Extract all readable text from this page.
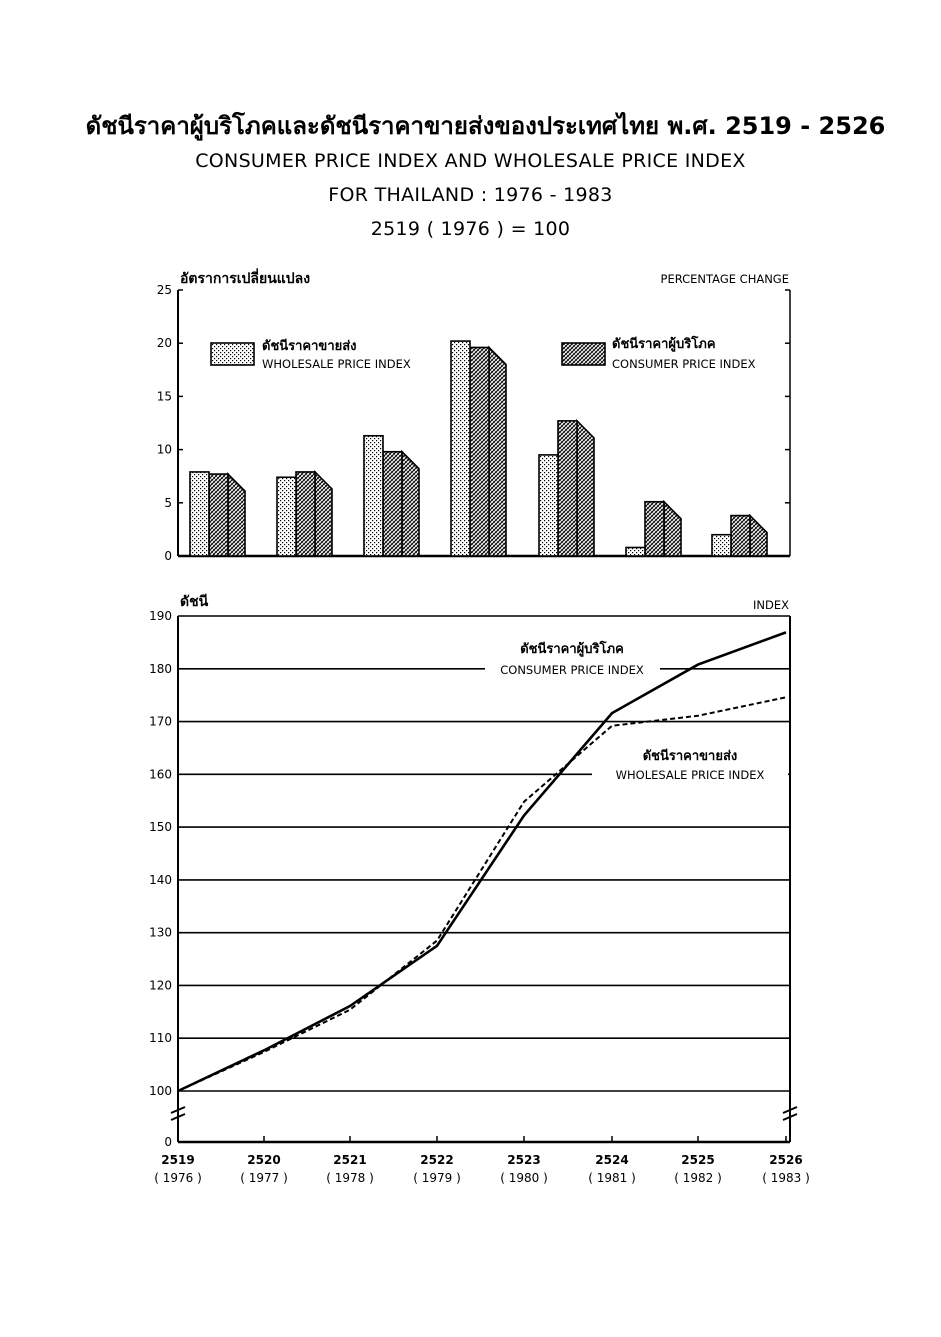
ดัชนีราคาผู้บริโภคและดัชนีราคาขายส่งของประเทศไทย พ.ศ. 2519 - 2526
CONSUMER PRICE INDEX AND WHOLESALE PRICE INDEX
FOR THAILAND : 1976 - 1983
2519 ( 1976 ) = 100
0
5
10
15
20
25
อัตราการเปลี่ยนแปลง	PERCENTAGE CHANGE
ดัชนีราคาขายส่ง
WHOLESALE PRICE INDEX
ดัชนีราคาผู้บริโภค
CONSUMER PRICE INDEX
100
110
120
130
140
150
160
170
180
190
0
ดัชนี	INDEX
2519
( 1976 )
2520
( 1977 )
2521
( 1978 )
2522
( 1979 )
2523
( 1980 )
2524
( 1981 )
2525
( 1982 )
2526
( 1983 )
ดัชนีราคาผู้บริโภค
CONSUMER PRICE INDEX
ดัชนีราคาขายส่ง
WHOLESALE PRICE INDEX
